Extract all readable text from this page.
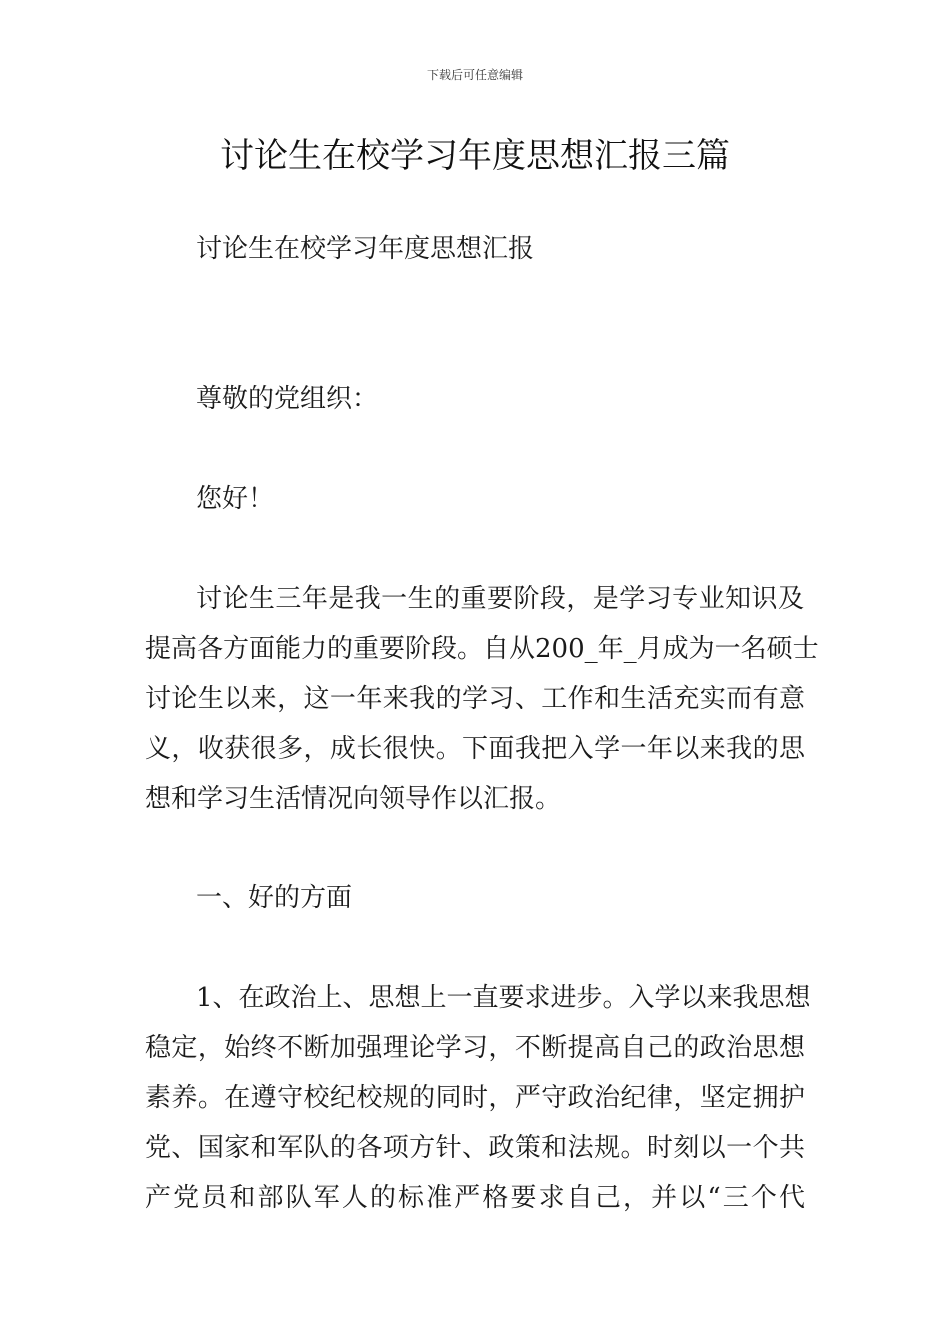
下载后可任意编辑
讨论生在校学习年度思想汇报三篇
讨论生在校学习年度思想汇报
尊敬的党组织：
您好！
讨论生三年是我一生的重要阶段，是学习专业知识及
提高各方面能力的重要阶段。自从200_年_月成为一名硕士
讨论生以来，这一年来我的学习、工作和生活充实而有意
义，收获很多，成长很快。下面我把入学一年以来我的思
想和学习生活情况向领导作以汇报。
一、好的方面
1、在政治上、思想上一直要求进步。入学以来我思想
稳定，始终不断加强理论学习，不断提高自己的政治思想
素养。在遵守校纪校规的同时，严守政治纪律，坚定拥护
党、国家和军队的各项方针、政策和法规。时刻以一个共
产党员和部队军人的标准严格要求自己，并以“三个代
